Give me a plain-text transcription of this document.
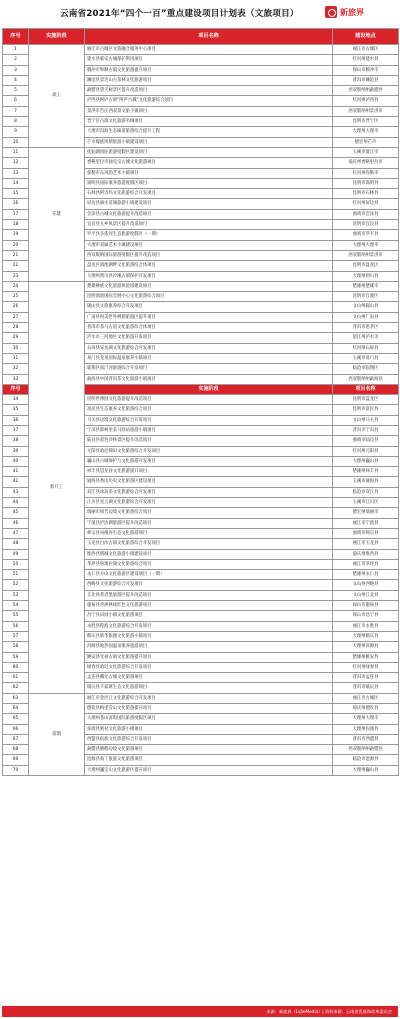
云南省2021年“四个一百”重点建设项目计划表（文旅项目）	新旅界
序号	实施阶段	项目名称	建设地点	
1	竣工	丽江市古城区文旅融合服务中心项目	丽江市古城区	
2		建水县临安古城保护利用项目	红河州建水县	
3		腾冲市和顺古镇文化旅游提升项目	保山市腾冲市	
4		澜沧县景迈山古茶林文化旅游项目	普洱市澜沧县	
5		勐腊县望天树景区提升改造项目	西双版纳州勐腊县	
6		泸西县阿庐古洞“阿庐古城”文化旅游综合项目	红河州泸西县	
7		景洪市告庄西双景文旅小镇项目	西双版纳州景洪市	
8		晋宁区古滇文化旅游名城项目	昆明市晋宁区	
9		大理市洱海生态廊道旅游综合提升工程	大理州大理市	
10		芒市傣族风情旅游小镇建设项目	德宏州芒市	
11	在建	抚仙湖国际旅游度假区建设项目	玉溪市澄江市	
12		香格里拉市独克宗古城文化旅游项目	迪庆州香格里拉市	
13		弥勒市东风韵艺术小镇项目	红河州弥勒市	
14		嵩明县国际康养旅游度假区项目	昆明市嵩明县	
15		石林县阿诗玛文化旅游综合开发项目	昆明市石林县	
16		屏边县滴水苗城旅游小镇建设项目	红河州屏边县	
17		会泽县古城文化旅游提升改造项目	曲靖市会泽县	
18		宜良县九乡风景区提升改造项目	昆明市宜良县	
19		罗平县多依河生态旅游度假区（一期）	曲靖市罗平县	
20		大理市双廊艺术小镇建设项目	大理州大理市	
21		西双版纳国际旅游度假区提升改造项目	西双版纳州景洪市	
22		盘龙区滇池湖畔文化旅游综合体项目	昆明市盘龙区	
23		大理州剑川县沙溪古镇保护开发项目	大理州剑川县	
24	新开工	楚雄彝族文化旅游体验园建设项目	楚雄州楚雄市	
25		昆明滇池国际会展中心文化旅游综合项目	昆明市官渡区	
26		砚山县文旅康养综合开发项目	文山州砚山县	
27		广南县坝美世外桃源旅游区提升项目	文山州广南县	
28		普洱市茶马古道文化旅游综合体项目	普洱市思茅区	
29		泸水市三河地区文化旅游开发项目	怒江州泸水市	
30		石屏县异龙湖文化旅游综合开发项目	红河州石屏县	
31		易门县龙泉国际温泉康养小镇项目	玉溪市易门县	
32		临翔区南汀河旅游综合开发项目	临沧市临翔区	
33		勐海县中国普洱茶文化旅游小镇项目	西双版纳州勐海县	
序号		实施阶段	项目名称	
34		昆明世博园文化旅游提升改造项目	昆明市盘龙区	
35		富民县生态康养文化旅游综合项目	昆明市富民县	
36		马关县边境文化旅游综合开发项目	文山州马关县	
37		宁洱县那柯里茶马驿站旅游小镇项目	普洱市宁洱县	
38		陆良县彩色沙林景区提升改造项目	曲靖市陆良县	
39		元阳县哈尼梯田文化旅游综合开发项目	红河州元阳县	
40		巍山县古城保护与文化旅游开发项目	大理州巍山县	
41		禄丰县恐龙谷文化旅游提升项目	楚雄州禄丰县	
42		通海县秀山历史文化旅游区建设项目	玉溪市通海县	
43		双江县冰岛茶文化旅游综合开发项目	临沧市双江县	
44		江川区星云湖文化旅游综合开发项目	玉溪市江川区	
45		瑞丽市姐告边境文化旅游综合项目	德宏州瑞丽市	
46		宁蒗县泸沽湖旅游区提升改造项目	丽江市宁蒗县	
47		师宗县凤凰谷生态文化旅游项目	曲靖市师宗县	
48		玉龙县白沙古镇文化旅游综合开发项目	丽江市玉龙县	
49		维西县塔城文化旅游小镇建设项目	迪庆州维西县	
50		华坪县鲁地拉湖文化旅游综合项目	丽江市华坪县	
51		永仁县方山文化旅游区建设项目（一期）	楚雄州永仁县	
52		西畴县文化旅游综合开发项目	文山州西畴县	
53		丘北县普者黑旅游区提升改造项目	文山州丘北县	
54		施甸县善洲林场红色文化旅游项目	保山市施甸县	
55		昌宁县田园小镇文化旅游项目	保山市昌宁县	
56		永胜县程海文化旅游综合开发项目	丽江市永胜县	
57		鹤庆县新华银器文化旅游小镇项目	大理州鹤庆县	
58		洱源县地热国温泉康养旅游项目	大理州洱源县	
59		姚安县光禄古镇文化旅游提升项目	楚雄州姚安县	
60		绿春县哈尼文化旅游综合开发项目	红河州绿春县	
61		孟连县娜允古城文化旅游项目	普洱市孟连县	
62		镇沅县千家寨生态文化旅游项目	普洱市镇沅县	
63	前期	丽江市金沙江文化旅游综合开发项目	丽江市古城区	
64		德钦县梅里雪山文化旅游提升项目	迪庆州德钦县	
65		大理州苍山洱海国际旅游度假区项目	大理州大理市	
66		弥渡县密祉文化旅游小镇项目	大理州弥渡县	
67		西盟县佤族文化旅游综合开发项目	普洱市西盟县	
68		勐腊县磨憨边境文化旅游项目	西双版纳州勐腊县	
69		沧源县翁丁佤族文化旅游项目	临沧市沧源县	
70		大理州巍宝山文化旅游区提升项目	大理州巍山县	
来源：新旅界（LvJieMedia）| 资料来源：云南省发展和改革委员会
